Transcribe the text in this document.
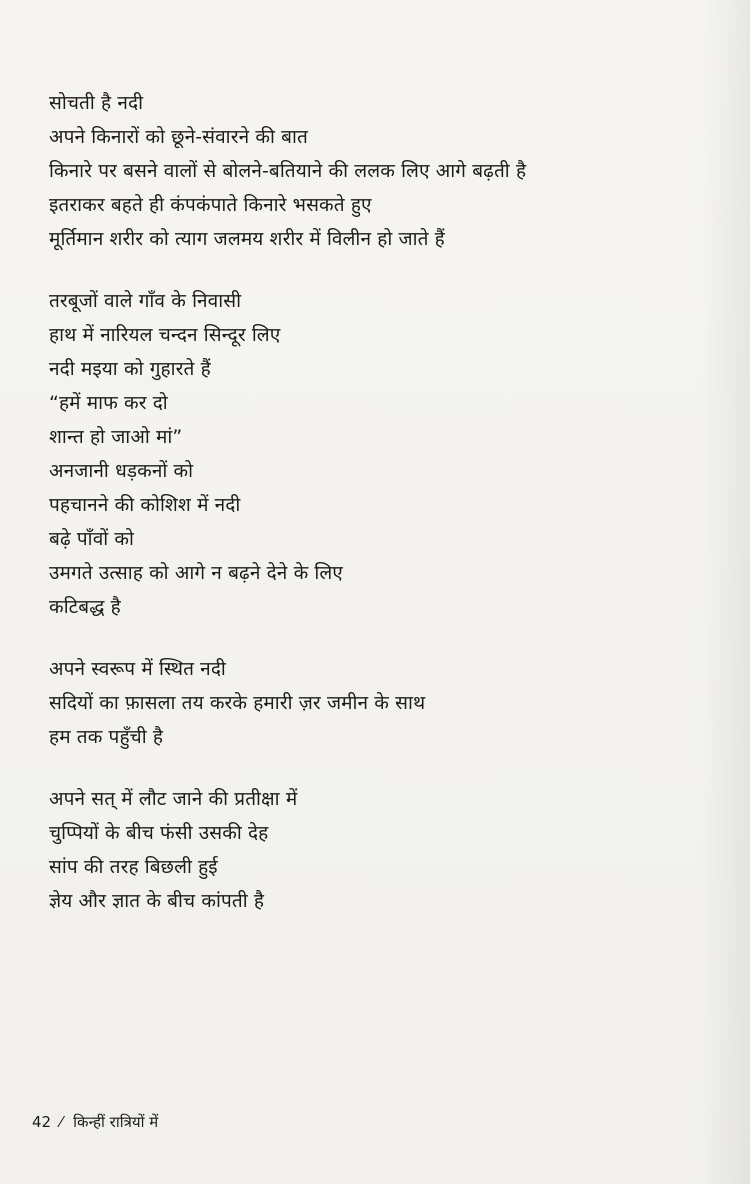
सोचती है नदी
अपने किनारों को छूने-संवारने की बात
किनारे पर बसने वालों से बोलने-बतियाने की ललक लिए आगे बढ़ती है
इतराकर बहते ही कंपकंपाते किनारे भसकते हुए
मूर्तिमान शरीर को त्याग जलमय शरीर में विलीन हो जाते हैं
तरबूजों वाले गाँव के निवासी
हाथ में नारियल चन्दन सिन्दूर लिए
नदी मइया को गुहारते हैं
“हमें माफ कर दो
शान्त हो जाओ मां”
अनजानी धड़कनों को
पहचानने की कोशिश में नदी
बढ़े पाँवों को
उमगते उत्साह को आगे न बढ़ने देने के लिए
कटिबद्ध है
अपने स्वरूप में स्थित नदी
सदियों का फ़ासला तय करके हमारी ज़र जमीन के साथ
हम तक पहुँची है
अपने सत् में लौट जाने की प्रतीक्षा में
चुप्पियों के बीच फंसी उसकी देह
सांप की तरह बिछली हुई
ज्ञेय और ज्ञात के बीच कांपती है
42 ⁄ किन्हीं रात्रियों में
